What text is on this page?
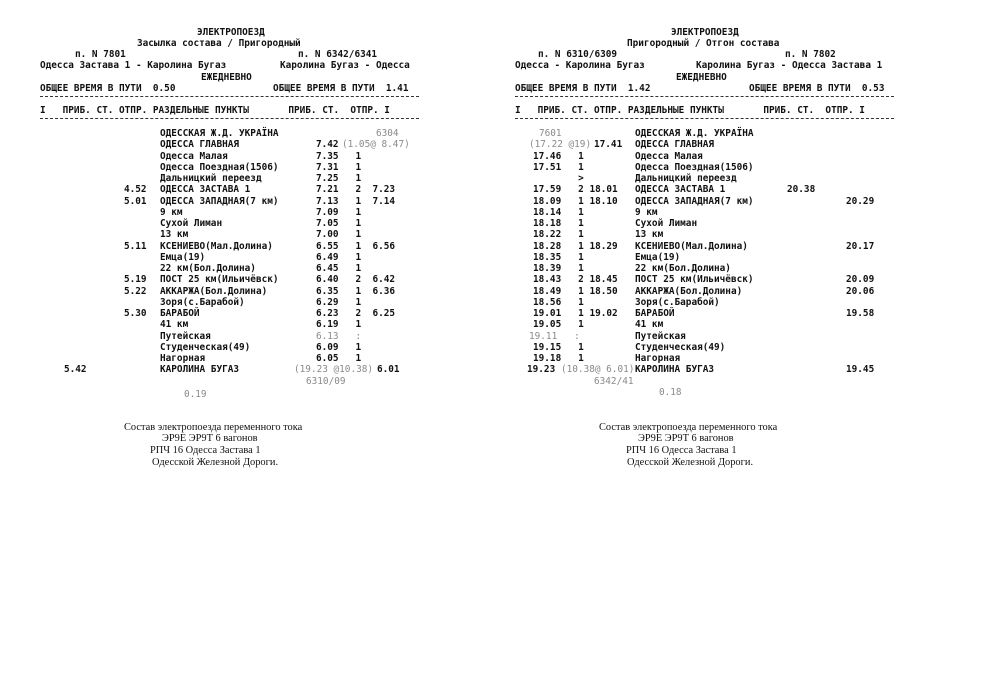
ЭЛЕКТРОПОЕЗД
Засылка состава / Пригородный
п. N 7801	п. N 6342/6341
Одесса Застава 1 - Каролина Бугаз	Каролина Бугаз - Одесса
ЕЖЕДНЕВНО
ОБЩЕЕ ВРЕМЯ В ПУТИ  0.50	ОБЩЕЕ ВРЕМЯ В ПУТИ  1.41
I   ПРИБ. СТ. ОТПР. РАЗДЕЛЬНЫЕ ПУНКТЫ       ПРИБ. СТ.  ОТПР. I
ОДЕССКАЯ Ж.Д. УКРАЇНА	6304
ОДЕССА ГЛАВНАЯ	7.42 (1.05@ 8.47)
Одесса Малая	7.35   1
Одесса Поездная(1506)	7.31   1
Дальницкий переезд	7.25   1
4.52 ОДЕССА ЗАСТАВА 1	7.21   2  7.23
5.01 ОДЕССА ЗАПАДНАЯ(7 км)	7.13   1  7.14
9 км	7.09   1
Сухой Лиман	7.05   1
13 км	7.00   1
5.11 КСЕНИЕВО(Мал.Долина)	6.55   1  6.56
Емца(19)	6.49   1
22 км(Бол.Долина)	6.45   1
5.19 ПОСТ 25 км(Ильичёвск)	6.40   2  6.42
5.22 АККАРЖА(Бол.Долина)	6.35   1  6.36
Зоря(с.Барабой)	6.29   1
5.30 БАРАБОЙ	6.23   2  6.25
41 км	6.19   1
Путейская	6.13   :
Студенческая(49)	6.09   1
Нагорная	6.05   1
5.42	КАРОЛИНА БУГАЗ	(19.23 @10.38) 6.01
6310/09
0.19
Состав электропоезда переменного тока
ЭР9Е ЭР9Т 6 вагонов
РПЧ 16 Одесса Застава 1
Одесской Железной Дороги.
ЭЛЕКТРОПОЕЗД
Пригородный / Отгон состава
п. N 6310/6309	п. N 7802
Одесса - Каролина Бугаз	Каролина Бугаз - Одесса Застава 1
ЕЖЕДНЕВНО
ОБЩЕЕ ВРЕМЯ В ПУТИ  1.42	ОБЩЕЕ ВРЕМЯ В ПУТИ  0.53
I   ПРИБ. СТ. ОТПР. РАЗДЕЛЬНЫЕ ПУНКТЫ       ПРИБ. СТ.  ОТПР. I
7601	ОДЕССКАЯ Ж.Д. УКРАЇНА
(17.22 @19) 17.41 ОДЕССА ГЛАВНАЯ
17.46   1	Одесса Малая
17.51   1	Одесса Поездная(1506)
>	Дальницкий переезд
17.59   2 18.01 ОДЕССА ЗАСТАВА 1	20.38
18.09   1 18.10 ОДЕССА ЗАПАДНАЯ(7 км)	20.29
18.14   1	9 км
18.18   1	Сухой Лиман
18.22   1	13 км
18.28   1 18.29 КСЕНИЕВО(Мал.Долина)	20.17
18.35   1	Емца(19)
18.39   1	22 км(Бол.Долина)
18.43   2 18.45 ПОСТ 25 км(Ильичёвск)	20.09
18.49   1 18.50 АККАРЖА(Бол.Долина)	20.06
18.56   1	Зоря(с.Барабой)
19.01   1 19.02 БАРАБОЙ	19.58
19.05   1	41 км
19.11   :	Путейская
19.15   1	Студенческая(49)
19.18   1	Нагорная
19.23 (10.38@ 6.01) КАРОЛИНА БУГАЗ	19.45
6342/41
0.18
Состав электропоезда переменного тока
ЭР9Е ЭР9Т 6 вагонов
РПЧ 16 Одесса Застава 1
Одесской Железной Дороги.
